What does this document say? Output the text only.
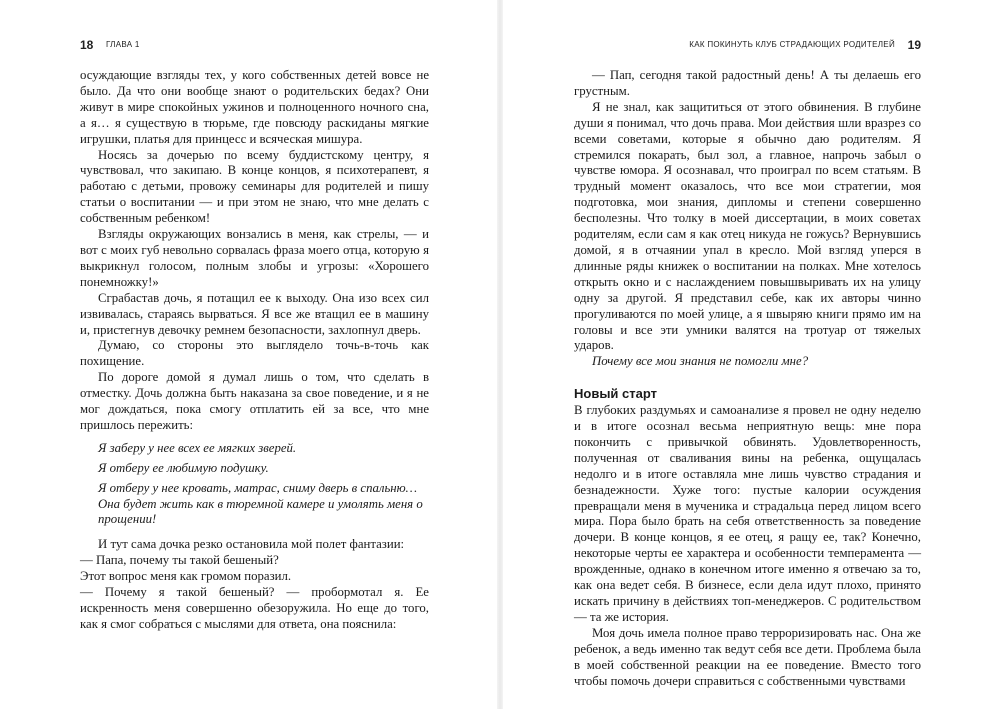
18 ГЛАВА 1

осуждающие взгляды тех, у кого собственных детей вовсе не было. Да что они вообще знают о родительских бедах? Они живут в мире спокойных ужинов и полноценного ночного сна, а я… я существую в тюрьме, где повсюду раскиданы мягкие игрушки, платья для принцесс и всяческая мишура.

Носясь за дочерью по всему буддистскому центру, я чувствовал, что закипаю. В конце концов, я психотерапевт, я работаю с детьми, провожу семинары для родителей и пишу статьи о воспитании — и при этом не знаю, что мне делать с собственным ребенком!

Взгляды окружающих вонзались в меня, как стрелы, — и вот с моих губ невольно сорвалась фраза моего отца, которую я выкрикнул голосом, полным злобы и угрозы: «Хорошего понемножку!»

Сграбастав дочь, я потащил ее к выходу. Она изо всех сил извивалась, стараясь вырваться. Я все же втащил ее в машину и, пристегнув девочку ремнем безопасности, захлопнул дверь.

Думаю, со стороны это выглядело точь-в-точь как похищение.

По дороге домой я думал лишь о том, что сделать в отместку. Дочь должна быть наказана за свое поведение, и я не мог дождаться, пока смогу отплатить ей за все, что мне пришлось пережить:

Я заберу у нее всех ее мягких зверей.

Я отберу ее любимую подушку.

Я отберу у нее кровать, матрас, сниму дверь в спальню… Она будет жить как в тюремной камере и умолять меня о прощении!

И тут сама дочка резко остановила мой полет фантазии:

— Папа, почему ты такой бешеный?

Этот вопрос меня как громом поразил.

— Почему я такой бешеный? — пробормотал я. Ее искренность меня совершенно обезоружила. Но еще до того, как я смог собраться с мыслями для ответа, она пояснила:

КАК ПОКИНУТЬ КЛУБ СТРАДАЮЩИХ РОДИТЕЛЕЙ 19

— Пап, сегодня такой радостный день! А ты делаешь его грустным.

Я не знал, как защититься от этого обвинения. В глубине души я понимал, что дочь права. Мои действия шли вразрез со всеми советами, которые я обычно даю родителям. Я стремился покарать, был зол, а главное, напрочь забыл о чувстве юмора. Я осознавал, что проиграл по всем статьям. В трудный момент оказалось, что все мои стратегии, моя подготовка, мои знания, дипломы и степени совершенно бесполезны. Что толку в моей диссертации, в моих советах родителям, если сам я как отец никуда не гожусь? Вернувшись домой, я в отчаянии упал в кресло. Мой взгляд уперся в длинные ряды книжек о воспитании на полках. Мне хотелось открыть окно и с наслаждением повышвыривать их на улицу одну за другой. Я представил себе, как их авторы чинно прогуливаются по моей улице, а я швыряю книги прямо им на головы и все эти умники валятся на тротуар от тяжелых ударов.

Почему все мои знания не помогли мне?

Новый старт

В глубоких раздумьях и самоанализе я провел не одну неделю и в итоге осознал весьма неприятную вещь: мне пора покончить с привычкой обвинять. Удовлетворенность, полученная от сваливания вины на ребенка, ощущалась недолго и в итоге оставляла мне лишь чувство страдания и безнадежности. Хуже того: пустые калории осуждения превращали меня в мученика и страдальца перед лицом всего мира. Пора было брать на себя ответственность за поведение дочери. В конце концов, я ее отец, я ращу ее, так? Конечно, некоторые черты ее характера и особенности темперамента — врожденные, однако в конечном итоге именно я отвечаю за то, как она ведет себя. В бизнесе, если дела идут плохо, принято искать причину в действиях топ-менеджеров. С родительством — та же история.

Моя дочь имела полное право терроризировать нас. Она же ребенок, а ведь именно так ведут себя все дети. Проблема была в моей собственной реакции на ее поведение. Вместо того чтобы помочь дочери справиться с собственными чувствами
